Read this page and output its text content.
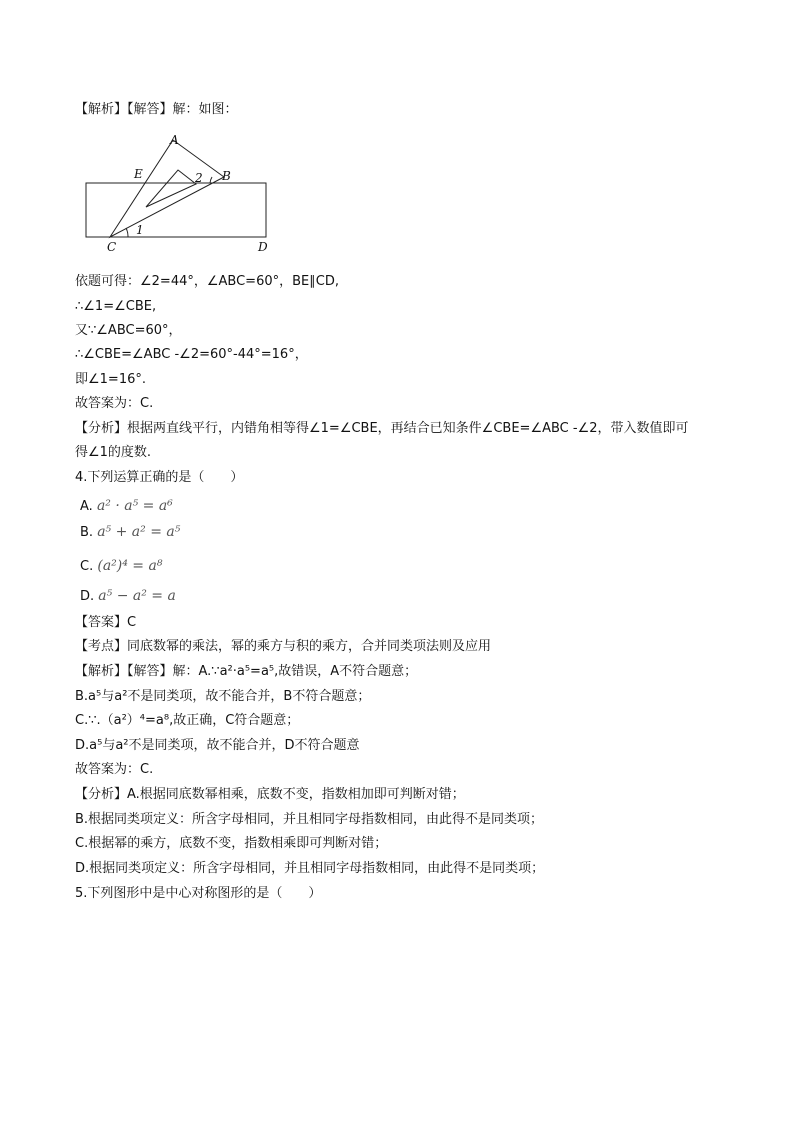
【解析】【解答】解：如图：
A
B
C	D
E
1
2
依题可得：∠2=44°，∠ABC=60°，BE∥CD,
∴∠1=∠CBE,
又∵∠ABC=60°，
∴∠CBE=∠ABC -∠2=60°-44°=16°，
即∠1=16°.
故答案为：C.
【分析】根据两直线平行，内错角相等得∠1=∠CBE，再结合已知条件∠CBE=∠ABC -∠2，带入数值即可
得∠1的度数.
4.下列运算正确的是（　　）
A. a² · a⁵ = a⁶
B. a⁵ + a² = a⁵
C. (a²)⁴ = a⁸
D. a⁵ − a² = a
【答案】C
【考点】同底数幂的乘法，幂的乘方与积的乘方，合并同类项法则及应用
【解析】【解答】解：A.∵a²·a⁵=a⁵,故错误，A不符合题意；
B.a⁵与a²不是同类项，故不能合并，B不符合题意；
C.∵.（a²）⁴=a⁸,故正确，C符合题意；
D.a⁵与a²不是同类项，故不能合并，D不符合题意
故答案为：C.
【分析】A.根据同底数幂相乘，底数不变，指数相加即可判断对错；
B.根据同类项定义：所含字母相同，并且相同字母指数相同，由此得不是同类项；
C.根据幂的乘方，底数不变，指数相乘即可判断对错；
D.根据同类项定义：所含字母相同，并且相同字母指数相同，由此得不是同类项；
5.下列图形中是中心对称图形的是（　　）
